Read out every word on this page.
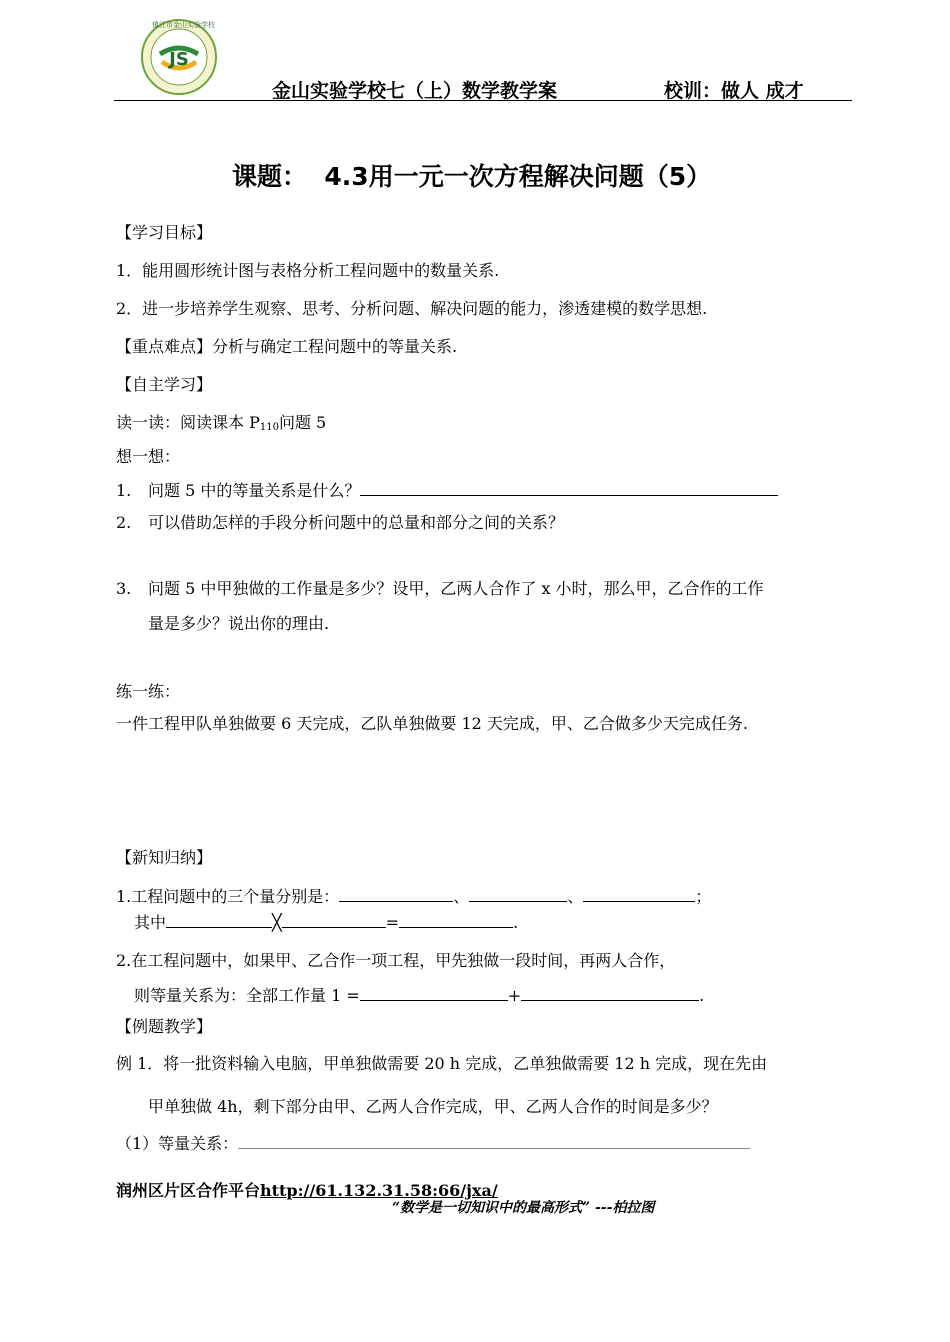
JS
镇江市金山实验学校
金山实验学校七（上）数学教学案	校训：做人 成才
课题：  4.3用一元一次方程解决问题（5）
【学习目标】
1．能用圆形统计图与表格分析工程问题中的数量关系.
2．进一步培养学生观察、思考、分析问题、解决问题的能力，渗透建模的数学思想.
【重点难点】分析与确定工程问题中的等量关系.
【自主学习】
读一读：阅读课本 $P_{110}$问题 5
想一想：
1. 问题 5 中的等量关系是什么？
2. 可以借助怎样的手段分析问题中的总量和部分之间的关系？
3. 问题 5 中甲独做的工作量是多少？设甲，乙两人合作了 x 小时，那么甲，乙合作的工作
量是多少？说出你的理由.
练一练：
一件工程甲队单独做要 6 天完成，乙队单独做要 12 天完成，甲、乙合做多少天完成任务.
【新知归纳】
1.工程问题中的三个量分别是：	、	、	；
其中	╳	=	.
2.在工程问题中，如果甲、乙合作一项工程，甲先独做一段时间，再两人合作，
则等量关系为：全部工作量 1 =	+	.
【例题教学】
例 1．将一批资料输入电脑，甲单独做需要 20 h 完成，乙单独做需要 12 h 完成，现在先由
甲单独做 4h，剩下部分由甲、乙两人合作完成，甲、乙两人合作的时间是多少？
（1）等量关系：
润州区片区合作平台http://61.132.31.58:66/jxa/
“数学是一切知识中的最高形式” ---柏拉图
